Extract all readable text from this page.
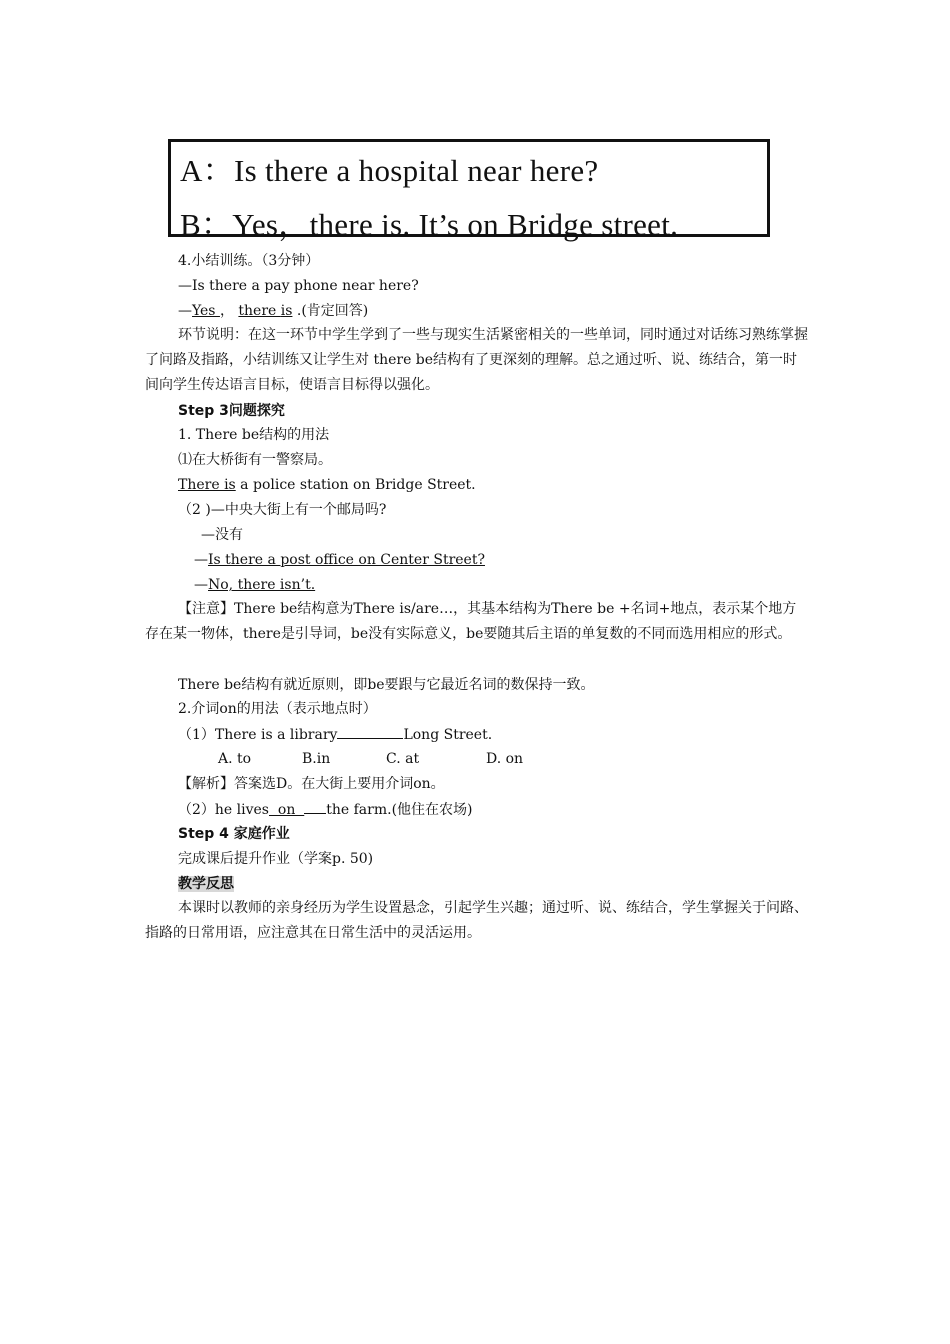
A：Is there a hospital near here?
B：Yes，there is. It’s on Bridge street.
4.小结训练。（3分钟）
—Is there a pay phone near here?
—Yes ， there is .(肯定回答)
环节说明：在这一环节中学生学到了一些与现实生活紧密相关的一些单词，同时通过对话练习熟练掌握了问路及指路，小结训练又让学生对 there be结构有了更深刻的理解。总之通过听、说、练结合，第一时间向学生传达语言目标，使语言目标得以强化。
Step 3问题探究
1. There be结构的用法
⑴在大桥街有一警察局。
There is a police station on Bridge Street.
（2 )—中央大街上有一个邮局吗?
—没有
—Is there a post office on Center Street?
—No, there isn’t.
【注意】There be结构意为There is/are…，其基本结构为There be +名词+地点，表示某个地方存在某一物体，there是引导词，be没有实际意义，be要随其后主语的单复数的不同而选用相应的形式。
There be结构有就近原则，即be要跟与它最近名词的数保持一致。
2.介词on的用法（表示地点时）
（1）There is a library	Long Street.
A. to	B.in	C. at	D. on
【解析】答案选D。在大街上要用介词on。
（2）he lives  on  the farm.(他住在农场)
Step 4 家庭作业
完成课后提升作业（学案p. 50)
教学反思
本课时以教师的亲身经历为学生设置悬念，引起学生兴趣；通过听、说、练结合，学生掌握关于问路、指路的日常用语，应注意其在日常生活中的灵活运用。
